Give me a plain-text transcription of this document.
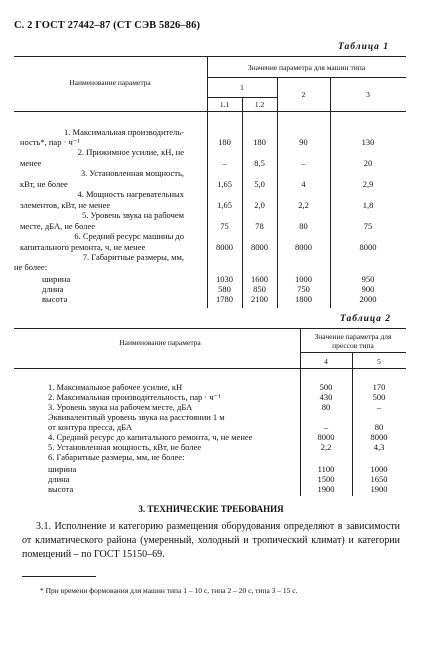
С. 2 ГОСТ 27442–87 (СТ СЭВ 5826–86)
Таблица 1
Наименование параметра
Значение параметра для машин типа
1
1.1	1.2
2	3
1. Максимальная производитель-
ность*, пар · ч⁻¹	180	180	90	130
2. Прижимное усилие, кН, не
менее	–	8,5	–	20
3. Установленная мощность,
кВт, не более	1,65	5,0	4	2,9
4. Мощность нагревательных
элементов, кВт, не менее	1,65	2,0	2,2	1,8
5. Уровень звука на рабочем
месте, дБА, не более	75	78	80	75
6. Средний ресурс машины до
капитального ремонта, ч, не менее	8000	8000	8000	8000
7. Габаритные размеры, мм,
не более:
ширина	1030	1600	1000	950
длина	580	850	750	900
высота	1780	2100	1800	2000
Таблица 2
Наименование параметра
Значение параметра для прессов типа
4	5
1. Максимальное рабочее усилие, кН	500	170
2. Максимальная производительность, пар · ч⁻¹	430	500
3. Уровень звука на рабочем месте, дБА	80	–
Эквивалентный уровень звука на расстоянии 1 м
от контура пресса, дБА	–	80
4. Средний ресурс до капитального ремонта, ч, не менее	8000	8000
5. Установленная мощность, кВт, не более	2,2	4,3
6. Габаритные размеры, мм, не более:
ширина	1100	1000
длина	1500	1650
высота	1900	1900
3. ТЕХНИЧЕСКИЕ ТРЕБОВАНИЯ
3.1. Исполнение и категорию размещения оборудования определяют в зависимости от климатического района (умеренный, холодный и тропический климат) и категории помещений – по ГОСТ 15150–69.
* При времени формования для машин типа 1 – 10 с, типа 2 – 20 с, типа 3 – 15 с.
